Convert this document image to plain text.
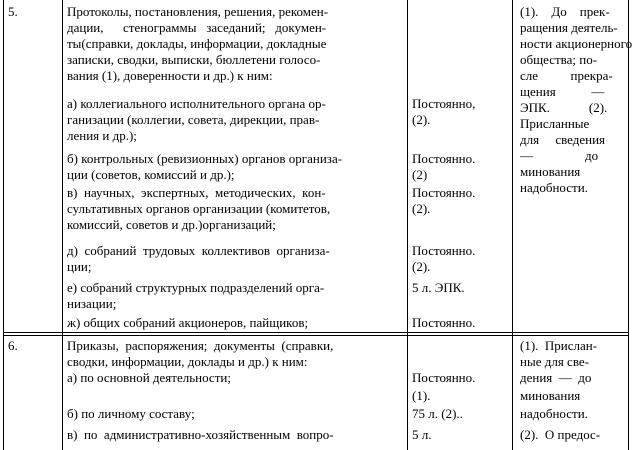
5.	Протоколы, постановления, решения, рекомен-
дации,      стенограммы   заседаний;   докумен-
ты(справки, доклады, информации, докладные
записки, сводки, выписки, бюллетени голосо-
вания (1), доверенности и др.) к ним:
а) коллегиального исполнительного органа ор-
ганизации (коллегии, совета, дирекции, прав-
ления и др.);
б) контрольных (ревизионных) органов организа-
ции (советов, комиссий и др.);
в)  научных,  экспертных,  методических,  кон-
сультативных органов организации (комитетов,
комиссий, советов и др.)организаций;
д)  собраний  трудовых  коллективов  организа-
ции;
е) собраний структурных подразделений орга-
низации;
ж) общих собраний акционеров, пайщиков;
Постоянно,
(2).
Постоянно.
(2)
Постоянно.
(2).
Постоянно.
(2).
5 л. ЭПК.
Постоянно.
(1).    До    прек-
ращения деятель-
ности акционерного
общества; по-
сле          прекра-
щения           —
ЭПК.            (2).
Присланные
для     сведения
—                до
минования
надобности.
6.	Приказы,  распоряжения;  документы  (справки,
сводки, информации, доклады и др.) к ним:
а) по основной деятельности;
б) по личному составу;
в)  по  административно-хозяйственным  вопро-
Постоянно.
(1).
75 л. (2)..
5 л.
(1).  Прислан-
ные для све-
дения  —  до
минования
надобности.
(2).  О предос-
